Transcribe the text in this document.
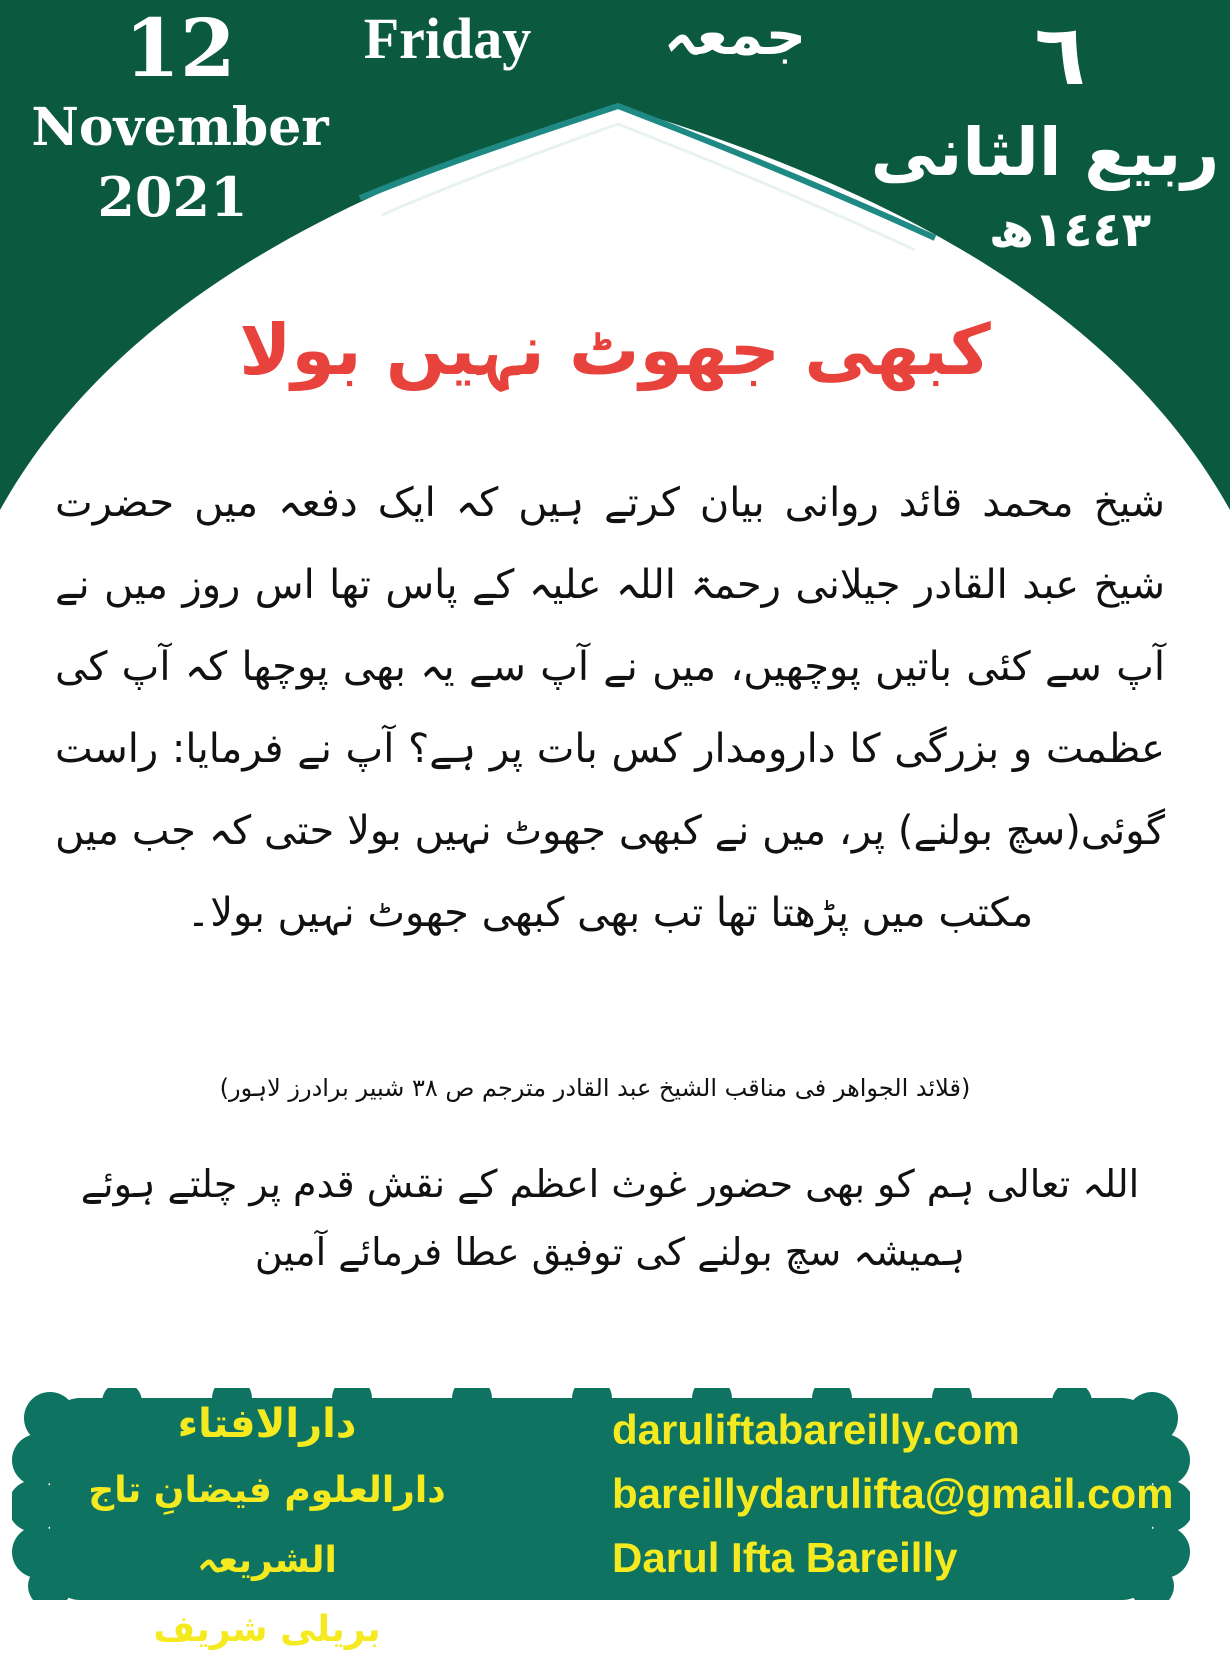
12
November
2021
Friday	جمعہ	٦
ربیع الثانی
١٤٤٣ھ
کبھی جھوٹ نہیں بولا
شیخ محمد قائد روانی بیان کرتے ہیں کہ ایک دفعہ میں حضرت شیخ عبد القادر جیلانی رحمۃ اللہ علیہ کے پاس تھا اس روز میں نے آپ سے کئی باتیں پوچھیں، میں نے آپ سے یہ بھی پوچھا کہ آپ کی عظمت و بزرگی کا دارومدار کس بات پر ہے؟ آپ نے فرمایا: راست گوئی(سچ بولنے) پر، میں نے کبھی جھوٹ نہیں بولا حتی کہ جب میں مکتب میں پڑھتا تھا تب بھی کبھی جھوٹ نہیں بولا۔
(قلائد الجواھر فی مناقب الشیخ عبد القادر مترجم ص ٣٨ شبیر برادرز لاہور)
اللہ تعالی ہم کو بھی حضور غوث اعظم کے نقش قدم پر چلتے ہوئے
ہمیشہ سچ بولنے کی توفیق عطا فرمائے آمین
دارالافتاء
دارالعلوم فیضانِ تاج الشریعہ
بریلی شریف
daruliftabareilly.com
bareillydarulifta@gmail.com
Darul Ifta Bareilly
